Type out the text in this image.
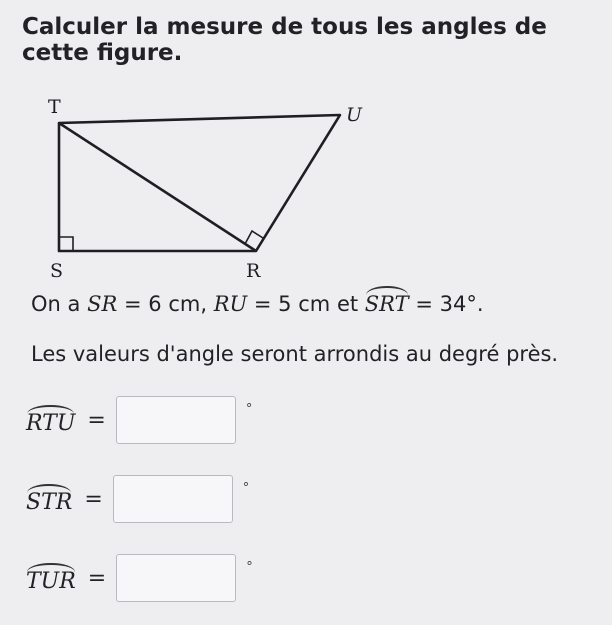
Calculer la mesure de tous les angles de cette figure.
T	U
S	R
On a SR = 6 cm, RU = 5 cm et SRT = 34°.
Les valeurs d'angle seront arrondis au degré près.
RTU =	°
STR =	°
TUR =	°
